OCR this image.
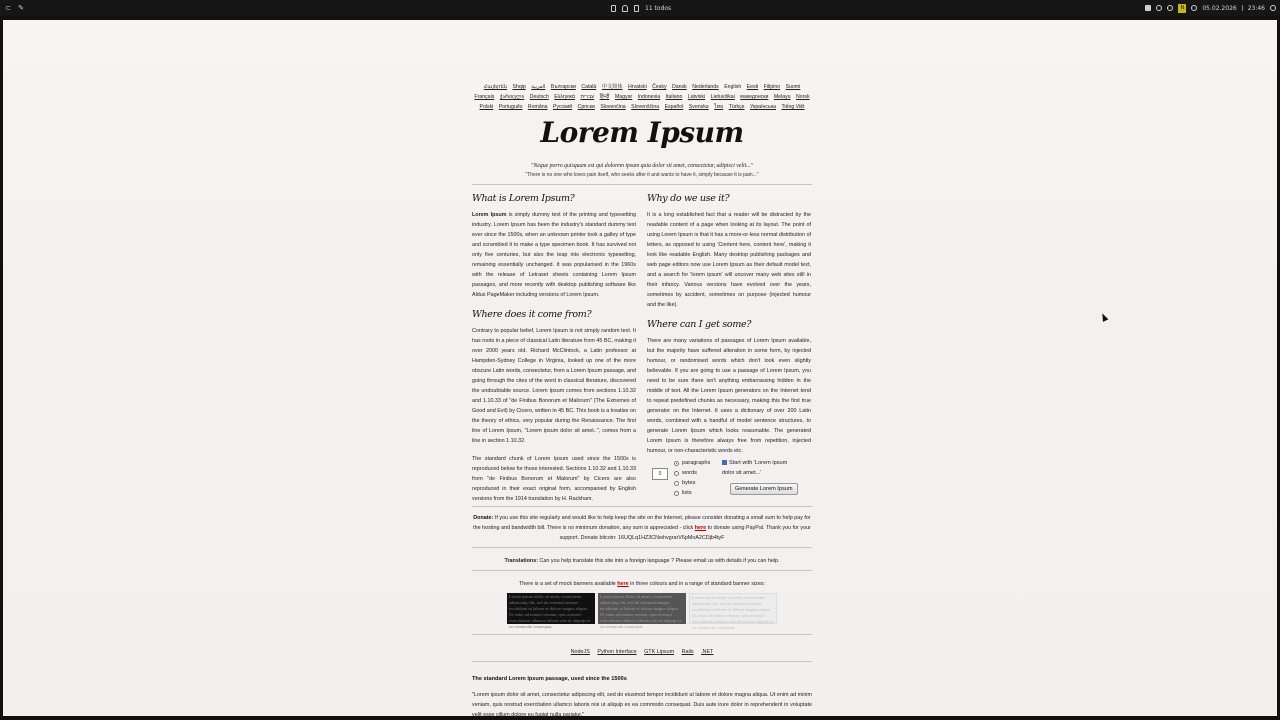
⊂ ✎	11 todos	N	05.02.2026 23:46
Հայերեն Shqip العربية Български Català 中文简体 Hrvatski Česky Dansk Nederlands English Eesti Filipino Suomi Français ქართული Deutsch Ελληνικά עברית हिन्दी Magyar Indonesia Italiano Latviski Lietuviškai македонски Melayu Norsk Polski Português Româna Pусский Српски Slovenčina Slovenščina Español Svenska ไทย Türkçe Українська Tiếng Việt
Lorem Ipsum
"Neque porro quisquam est qui dolorem ipsum quia dolor sit amet, consectetur, adipisci velit..."
"There is no one who loves pain itself, who seeks after it and wants to have it, simply because it is pain..."
What is Lorem Ipsum?

Lorem Ipsum is simply dummy text of the printing and typesetting industry. Lorem Ipsum has been the industry's standard dummy text ever since the 1500s, when an unknown printer took a galley of type and scrambled it to make a type specimen book. It has survived not only five centuries, but also the leap into electronic typesetting, remaining essentially unchanged. It was popularised in the 1960s with the release of Letraset sheets containing Lorem Ipsum passages, and more recently with desktop publishing software like Aldus PageMaker including versions of Lorem Ipsum.

Where does it come from?

Contrary to popular belief, Lorem Ipsum is not simply random text. It has roots in a piece of classical Latin literature from 45 BC, making it over 2000 years old. Richard McClintock, a Latin professor at Hampden-Sydney College in Virginia, looked up one of the more obscure Latin words, consectetur, from a Lorem Ipsum passage, and going through the cites of the word in classical literature, discovered the undoubtable source. Lorem Ipsum comes from sections 1.10.32 and 1.10.33 of "de Finibus Bonorum et Malorum" (The Extremes of Good and Evil) by Cicero, written in 45 BC. This book is a treatise on the theory of ethics, very popular during the Renaissance. The first line of Lorem Ipsum, "Lorem ipsum dolor sit amet..", comes from a line in section 1.10.32.

The standard chunk of Lorem Ipsum used since the 1500s is reproduced below for those interested. Sections 1.10.32 and 1.10.33 from "de Finibus Bonorum et Malorum" by Cicero are also reproduced in their exact original form, accompanied by English versions from the 1914 translation by H. Rackham.

Why do we use it?

It is a long established fact that a reader will be distracted by the readable content of a page when looking at its layout. The point of using Lorem Ipsum is that it has a more-or-less normal distribution of letters, as opposed to using 'Content here, content here', making it look like readable English. Many desktop publishing packages and web page editors now use Lorem Ipsum as their default model text, and a search for 'lorem ipsum' will uncover many web sites still in their infancy. Various versions have evolved over the years, sometimes by accident, sometimes on purpose (injected humour and the like).

Where can I get some?

There are many variations of passages of Lorem Ipsum available, but the majority have suffered alteration in some form, by injected humour, or randomised words which don't look even slightly believable. If you are going to use a passage of Lorem Ipsum, you need to be sure there isn't anything embarrassing hidden in the middle of text. All the Lorem Ipsum generators on the Internet tend to repeat predefined chunks as necessary, making this the first true generator on the Internet. It uses a dictionary of over 200 Latin words, combined with a handful of model sentence structures, to generate Lorem Ipsum which looks reasonable. The generated Lorem Ipsum is therefore always free from repetition, injected humour, or non-characteristic words etc.

5
paragraphs
words
bytes
lists
Start with 'Lorem ipsum dolor sit amet...'
Generate Lorem Ipsum
Donate: If you use this site regularly and would like to help keep the site on the Internet, please consider donating a small sum to help pay for the hosting and bandwidth bill. There is no minimum donation, any sum is appreciated - click here to donate using PayPal. Thank you for your support. Donate bitcoin: 16UQLq1HZ3CNwhvgrarV6pMoA2CDjb4tyF
Translations: Can you help translate this site into a foreign language ? Please email us with details if you can help.
There is a set of mock banners available here in three colours and in a range of standard banner sizes:
Lorem ipsum dolor sit amet, consectetur adipiscing elit, sed do eiusmod tempor incididunt ut labore et dolore magna aliqua. Ut enim ad minim veniam, quis nostrud exercitation ullamco laboris nisi ut aliquip ex ea commodo consequat.
Lorem ipsum dolor sit amet, consectetur adipiscing elit, sed do eiusmod tempor incididunt ut labore et dolore magna aliqua. Ut enim ad minim veniam, quis nostrud exercitation ullamco laboris nisi ut aliquip ex ea commodo consequat.
Lorem ipsum dolor sit amet, consectetur adipiscing elit, sed do eiusmod tempor incididunt ut labore et dolore magna aliqua. Ut enim ad minim veniam, quis nostrud exercitation ullamco laboris nisi ut aliquip ex ea commodo consequat.
NodeJS Python Interface GTK Lipsum Rails .NET
The standard Lorem Ipsum passage, used since the 1500s
"Lorem ipsum dolor sit amet, consectetur adipiscing elit, sed do eiusmod tempor incididunt ut labore et dolore magna aliqua. Ut enim ad minim veniam, quis nostrud exercitation ullamco laboris nisi ut aliquip ex ea commodo consequat. Duis aute irure dolor in reprehenderit in voluptate velit esse cillum dolore eu fugiat nulla pariatur."
